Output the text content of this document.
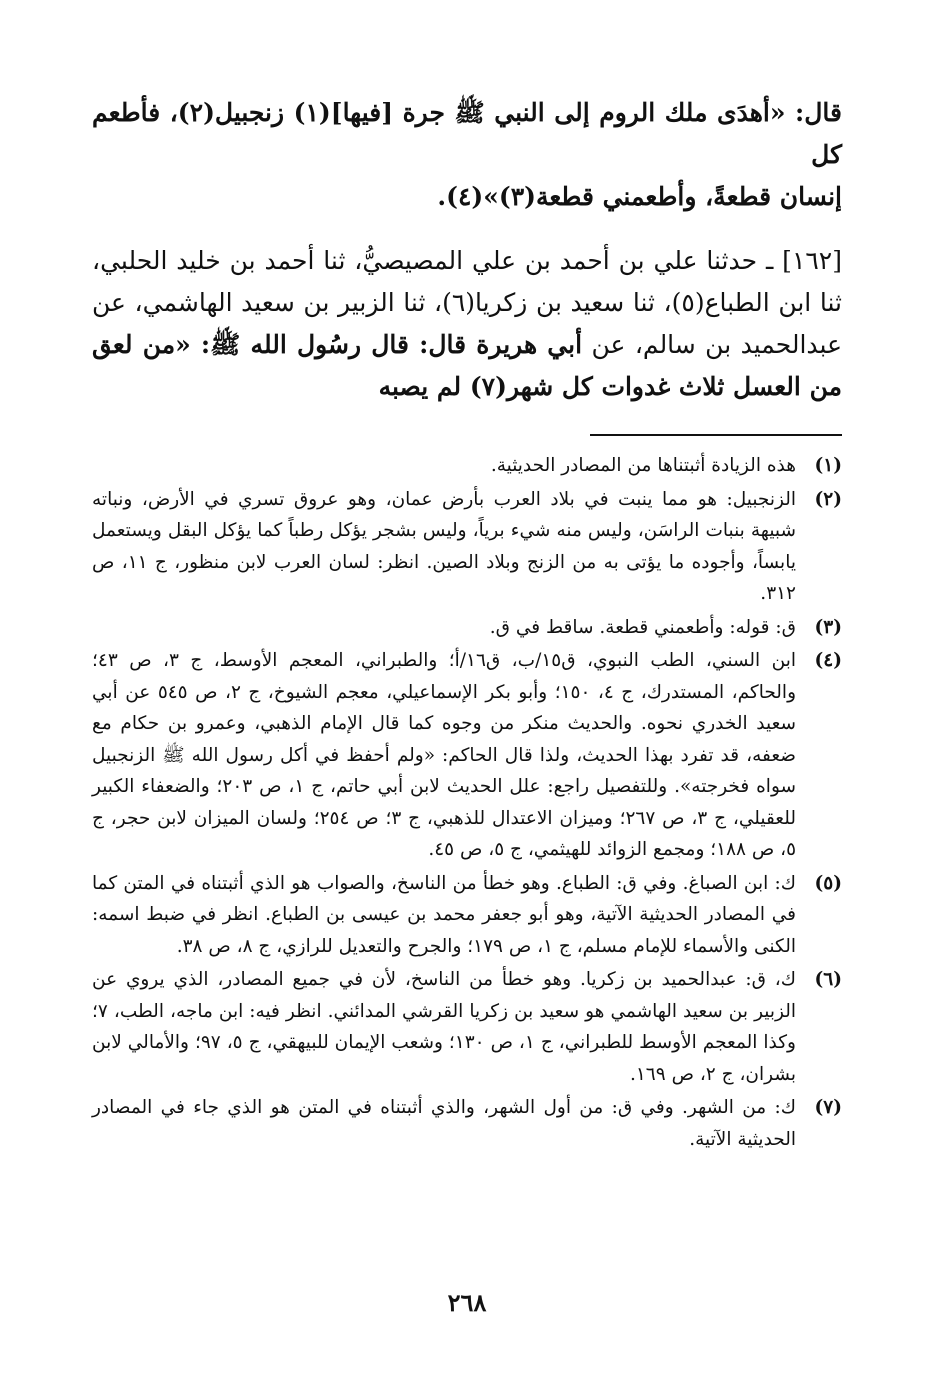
قال: «أهدَى ملك الروم إلى النبي ﷺ جرة [فيها](١) زنجبيل(٢)، فأطعم كل
إنسان قطعةً، وأطعمني قطعة(٣)»(٤).

[١٦٢] ـ حدثنا علي بن أحمد بن علي المصيصيُّ، ثنا أحمد بن خليد الحلبي، ثنا ابن الطباع(٥)، ثنا سعيد بن زكريا(٦)، ثنا الزبير بن سعيد الهاشمي، عن عبدالحميد بن سالم، عن أبي هريرة قال: قال رسُول الله ﷺ: «من لعق من العسل ثلاث غدوات كل شهر(٧) لم يصبه

(١)
هذه الزيادة أثبتناها من المصادر الحديثية.
(٢)
الزنجبيل: هو مما ينبت في بلاد العرب بأرض عمان، وهو عروق تسري في الأرض، ونباته شبيهة بنبات الراسَن، وليس منه شيء برياً، وليس بشجر يؤكل رطباً كما يؤكل البقل ويستعمل يابساً، وأجوده ما يؤتى به من الزنج وبلاد الصين. انظر: لسان العرب لابن منظور، ج ١١، ص ٣١٢.
(٣)
ق: قوله: وأطعمني قطعة. ساقط في ق.
(٤)
ابن السني، الطب النبوي، ق١٥/ب، ق١٦/أ؛ والطبراني، المعجم الأوسط، ج ٣، ص ٤٣؛ والحاكم، المستدرك، ج ٤، ١٥٠؛ وأبو بكر الإسماعيلي، معجم الشيوخ، ج ٢، ص ٥٤٥ عن أبي سعيد الخدري نحوه. والحديث منكر من وجوه كما قال الإمام الذهبي، وعمرو بن حكام مع ضعفه، قد تفرد بهذا الحديث، ولذا قال الحاكم: «ولم أحفظ في أكل رسول الله ﷺ الزنجبيل سواه فخرجته». وللتفصيل راجع: علل الحديث لابن أبي حاتم، ج ١، ص ٢٠٣؛ والضعفاء الكبير للعقيلي، ج ٣، ص ٢٦٧؛ وميزان الاعتدال للذهبي، ج ٣؛ ص ٢٥٤؛ ولسان الميزان لابن حجر، ج ٥، ص ١٨٨؛ ومجمع الزوائد للهيثمي، ج ٥، ص ٤٥.
(٥)
ك: ابن الصباغ. وفي ق: الطباع. وهو خطأ من الناسخ، والصواب هو الذي أثبتناه في المتن كما في المصادر الحديثية الآتية، وهو أبو جعفر محمد بن عيسى بن الطباع. انظر في ضبط اسمه: الكنى والأسماء للإمام مسلم، ج ١، ص ١٧٩؛ والجرح والتعديل للرازي، ج ٨، ص ٣٨.
(٦)
ك، ق: عبدالحميد بن زكريا. وهو خطأ من الناسخ، لأن في جميع المصادر، الذي يروي عن الزبير بن سعيد الهاشمي هو سعيد بن زكريا القرشي المدائني. انظر فيه: ابن ماجه، الطب، ٧؛ وكذا المعجم الأوسط للطبراني، ج ١، ص ١٣٠؛ وشعب الإيمان للبيهقي، ج ٥، ٩٧؛ والأمالي لابن بشران، ج ٢، ص ١٦٩.
(٧)
ك: من الشهر. وفي ق: من أول الشهر، والذي أثبتناه في المتن هو الذي جاء في المصادر الحديثية الآتية.
٢٦٨
